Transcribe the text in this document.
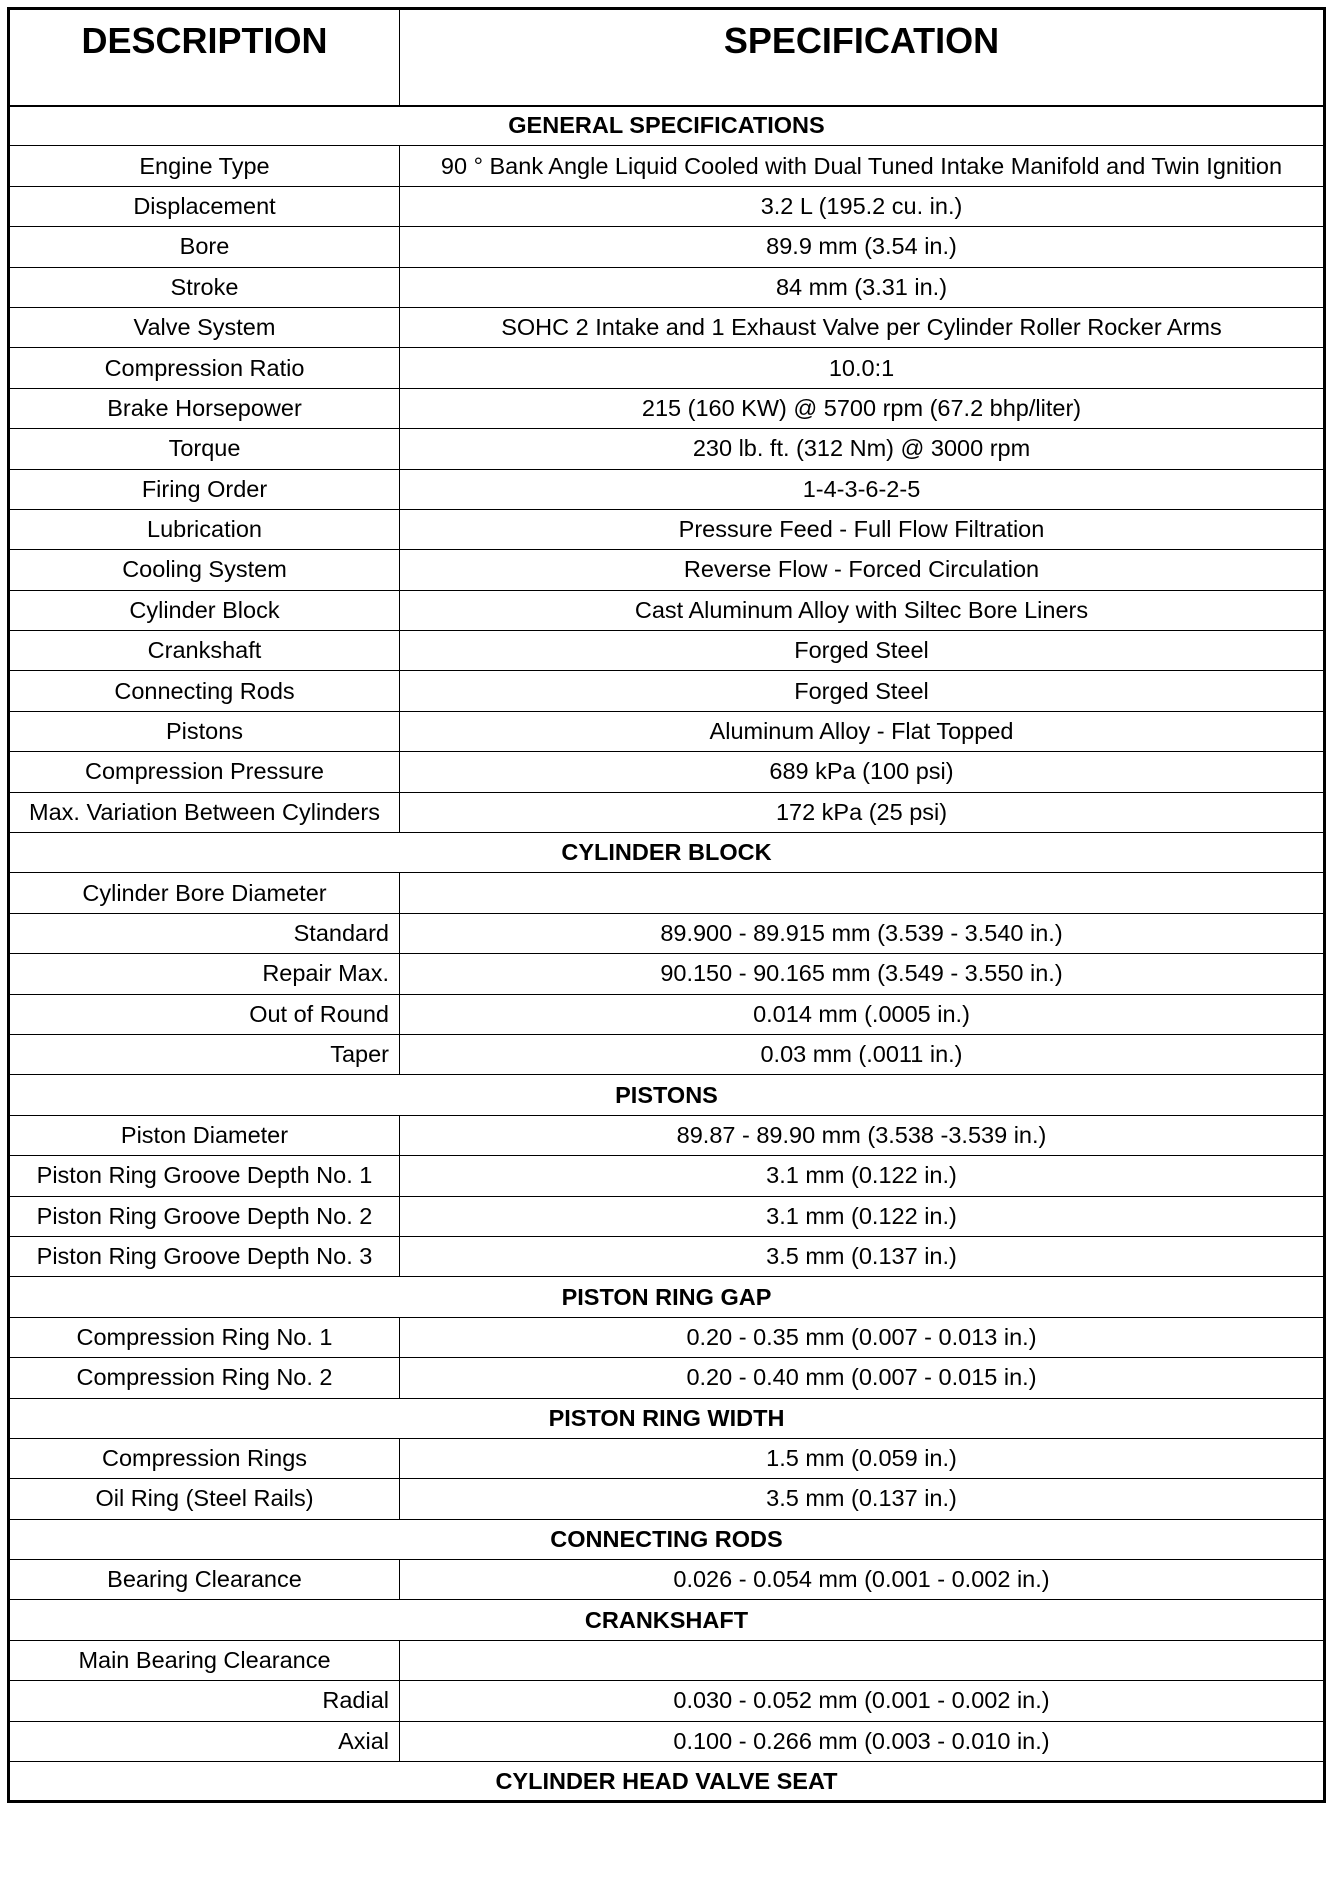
DESCRIPTION	SPECIFICATION
GENERAL SPECIFICATIONS	
Engine Type	90 ° Bank Angle Liquid Cooled with Dual Tuned Intake Manifold and Twin Ignition
Displacement	3.2 L (195.2 cu. in.)
Bore	89.9 mm (3.54 in.)
Stroke	84 mm (3.31 in.)
Valve System	SOHC 2 Intake and 1 Exhaust Valve per Cylinder Roller Rocker Arms
Compression Ratio	10.0:1
Brake Horsepower	215 (160 KW) @ 5700 rpm (67.2 bhp/liter)
Torque	230 lb. ft. (312 Nm) @ 3000 rpm
Firing Order	1-4-3-6-2-5
Lubrication	Pressure Feed - Full Flow Filtration
Cooling System	Reverse Flow - Forced Circulation
Cylinder Block	Cast Aluminum Alloy with Siltec Bore Liners
Crankshaft	Forged Steel
Connecting Rods	Forged Steel
Pistons	Aluminum Alloy - Flat Topped
Compression Pressure	689 kPa (100 psi)
Max. Variation Between Cylinders	172 kPa (25 psi)
CYLINDER BLOCK	
Cylinder Bore Diameter	
Standard	89.900 - 89.915 mm (3.539 - 3.540 in.)
Repair Max.	90.150 - 90.165 mm (3.549 - 3.550 in.)
Out of Round	0.014 mm (.0005 in.)
Taper	0.03 mm (.0011 in.)
PISTONS	
Piston Diameter	89.87 - 89.90 mm (3.538 -3.539 in.)
Piston Ring Groove Depth No. 1	3.1 mm (0.122 in.)
Piston Ring Groove Depth No. 2	3.1 mm (0.122 in.)
Piston Ring Groove Depth No. 3	3.5 mm (0.137 in.)
PISTON RING GAP	
Compression Ring No. 1	0.20 - 0.35 mm (0.007 - 0.013 in.)
Compression Ring No. 2	0.20 - 0.40 mm (0.007 - 0.015 in.)
PISTON RING WIDTH	
Compression Rings	1.5 mm (0.059 in.)
Oil Ring (Steel Rails)	3.5 mm (0.137 in.)
CONNECTING RODS	
Bearing Clearance	0.026 - 0.054 mm (0.001 - 0.002 in.)
CRANKSHAFT	
Main Bearing Clearance	
Radial	0.030 - 0.052 mm (0.001 - 0.002 in.)
Axial	0.100 - 0.266 mm (0.003 - 0.010 in.)
CYLINDER HEAD VALVE SEAT	
